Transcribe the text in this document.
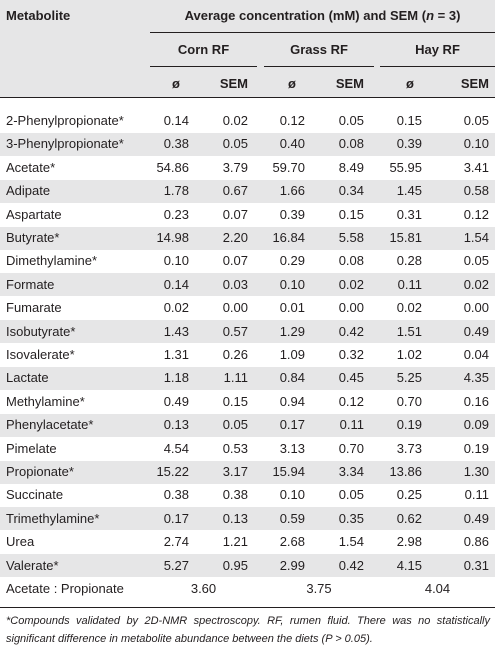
Metabolite	Average concentration (mM) and SEM (n = 3)
Corn RF	Grass RF	Hay RF
ø	SEM	ø	SEM	ø	SEM
2-Phenylpropionate*	0.14	0.02	0.12	0.05	0.15	0.05
3-Phenylpropionate*	0.38	0.05	0.40	0.08	0.39	0.10
Acetate*	54.86	3.79	59.70	8.49	55.95	3.41
Adipate	1.78	0.67	1.66	0.34	1.45	0.58
Aspartate	0.23	0.07	0.39	0.15	0.31	0.12
Butyrate*	14.98	2.20	16.84	5.58	15.81	1.54
Dimethylamine*	0.10	0.07	0.29	0.08	0.28	0.05
Formate	0.14	0.03	0.10	0.02	0.11	0.02
Fumarate	0.02	0.00	0.01	0.00	0.02	0.00
Isobutyrate*	1.43	0.57	1.29	0.42	1.51	0.49
Isovalerate*	1.31	0.26	1.09	0.32	1.02	0.04
Lactate	1.18	1.11	0.84	0.45	5.25	4.35
Methylamine*	0.49	0.15	0.94	0.12	0.70	0.16
Phenylacetate*	0.13	0.05	0.17	0.11	0.19	0.09
Pimelate	4.54	0.53	3.13	0.70	3.73	0.19
Propionate*	15.22	3.17	15.94	3.34	13.86	1.30
Succinate	0.38	0.38	0.10	0.05	0.25	0.11
Trimethylamine*	0.17	0.13	0.59	0.35	0.62	0.49
Urea	2.74	1.21	2.68	1.54	2.98	0.86
Valerate*	5.27	0.95	2.99	0.42	4.15	0.31
Acetate : Propionate	3.60	3.75	4.04
*Compounds validated by 2D-NMR spectroscopy. RF, rumen fluid. There was no statistically significant difference in metabolite abundance between the diets (P > 0.05).
